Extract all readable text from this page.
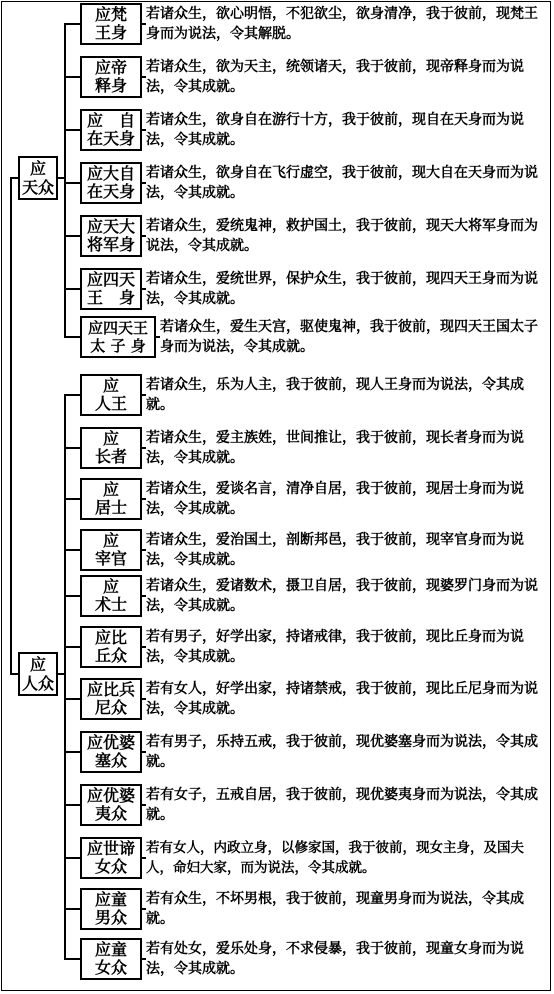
应
天众
应梵
王身
若诸众生，欲心明悟，不犯欲尘，欲身清净，我于彼前，现梵王身而为说法，令其解脱。
应帝
释身
若诸众生，欲为天主，统领诸天，我于彼前，现帝释身而为说法，令其成就。
应　自
在天身
若诸众生，欲身自在游行十方，我于彼前，现自在天身而为说法，令其成就。
应大自
在天身
若诸众生，欲身自在飞行虚空，我于彼前，现大自在天身而为说法，令其成就。
应天大
将军身
若诸众生，爱统鬼神，救护国土，我于彼前，现天大将军身而为说法，令其成就。
应四天
王　身
若诸众生，爱统世界，保护众生，我于彼前，现四天王身而为说法，令其成就。
应四天王
太 子 身
若诸众生，爱生天宫，驱使鬼神，我于彼前，现四天王国太子身而为说法，令其成就。
应
人众
应
人王
若诸众生，乐为人主，我于彼前，现人王身而为说法，令其成就。
应
长者
若诸众生，爱主族姓，世间推让，我于彼前，现长者身而为说法，令其成就。
应
居士
若诸众生，爱谈名言，清净自居，我于彼前，现居士身而为说法，令其成就。
应
宰官
若诸众生，爱治国土，剖断邦邑，我于彼前，现宰官身而为说法，令其成就。
应
术士
若诸众生，爱诸数术，摄卫自居，我于彼前，现婆罗门身而为说法，令其成就。
应比
丘众
若有男子，好学出家，持诸戒律，我于彼前，现比丘身而为说法，令其成就。
应比兵
尼众
若有女人，好学出家，持诸禁戒，我于彼前，现比丘尼身而为说法，令其成就。
应优婆
塞众
若有男子，乐持五戒，我于彼前，现优婆塞身而为说法，令其成就。
应优婆
夷众
若有女子，五戒自居，我于彼前，现优婆夷身而为说法，令其成就。
应世谛
女众
若有女人，内政立身，以修家国，我于彼前，现女主身，及国夫人，命妇大家，而为说法，令其成就。
应童
男众
若有众生，不坏男根，我于彼前，现童男身而为说法，令其成就。
应童
女众
若有处女，爱乐处身，不求侵暴，我于彼前，现童女身而为说法，令其成就。
